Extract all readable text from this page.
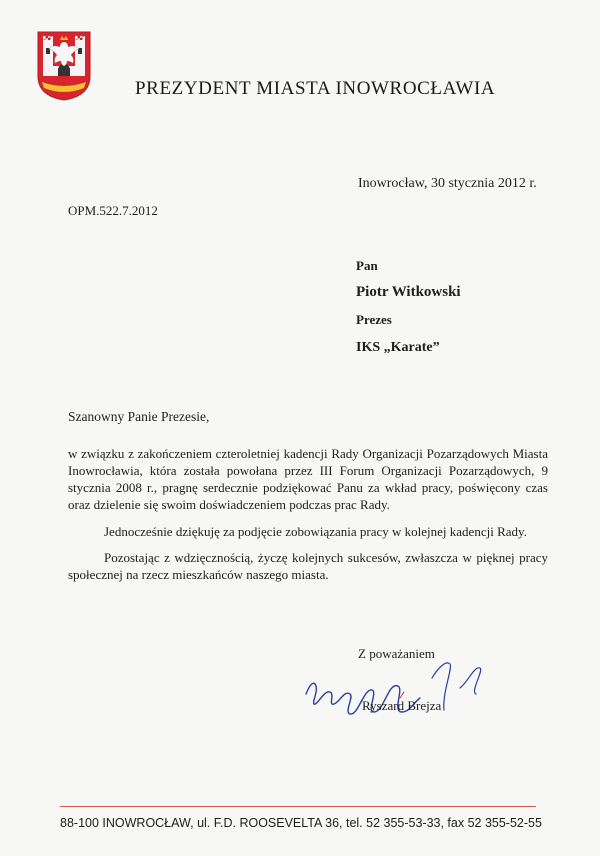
PREZYDENT MIASTA INOWROCŁAWIA
Inowrocław, 30 stycznia 2012 r.
OPM.522.7.2012
Pan
Piotr Witkowski
Prezes
IKS „Karate”
Szanowny Panie Prezesie,
w związku z zakończeniem czteroletniej kadencji Rady Organizacji Pozarządowych Miasta Inowrocławia, która została powołana przez III Forum Organizacji Pozarządowych, 9 stycznia 2008 r., pragnę serdecznie podziękować Panu za wkład pracy, poświęcony czas oraz dzielenie się swoim doświadczeniem podczas prac Rady.
Jednocześnie dziękuję za podjęcie zobowiązania pracy w kolejnej kadencji Rady.
Pozostając z wdzięcznością, życzę kolejnych sukcesów, zwłaszcza w pięknej pracy społecznej na rzecz mieszkańców naszego miasta.
Z poważaniem
Ryszard Brejza
88-100 INOWROCŁAW, ul. F.D. ROOSEVELTA 36, tel. 52 355-53-33, fax 52 355-52-55
